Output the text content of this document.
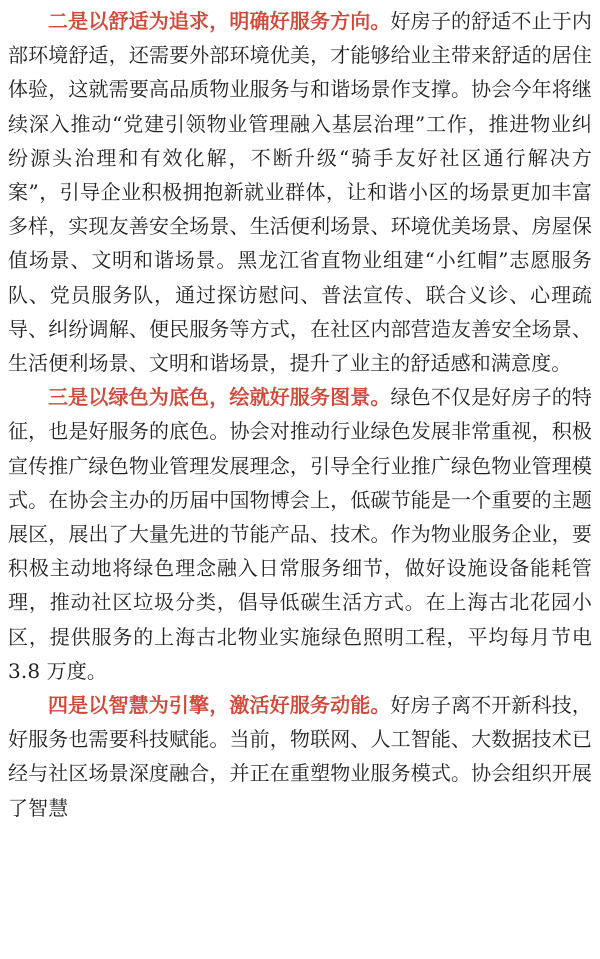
二是以舒适为追求，明确好服务方向。好房子的舒适不止于内部环境舒适，还需要外部环境优美，才能够给业主带来舒适的居住体验，这就需要高品质物业服务与和谐场景作支撑。协会今年将继续深入推动“党建引领物业管理融入基层治理”工作，推进物业纠纷源头治理和有效化解，不断升级“骑手友好社区通行解决方案”，引导企业积极拥抱新就业群体，让和谐小区的场景更加丰富多样，实现友善安全场景、生活便利场景、环境优美场景、房屋保值场景、文明和谐场景。黑龙江省直物业组建“小红帽”志愿服务队、党员服务队，通过探访慰问、普法宣传、联合义诊、心理疏导、纠纷调解、便民服务等方式，在社区内部营造友善安全场景、生活便利场景、文明和谐场景，提升了业主的舒适感和满意度。

三是以绿色为底色，绘就好服务图景。绿色不仅是好房子的特征，也是好服务的底色。协会对推动行业绿色发展非常重视，积极宣传推广绿色物业管理发展理念，引导全行业推广绿色物业管理模式。在协会主办的历届中国物博会上，低碳节能是一个重要的主题展区，展出了大量先进的节能产品、技术。作为物业服务企业，要积极主动地将绿色理念融入日常服务细节，做好设施设备能耗管理，推动社区垃圾分类，倡导低碳生活方式。在上海古北花园小区，提供服务的上海古北物业实施绿色照明工程，平均每月节电 3.8 万度。

四是以智慧为引擎，激活好服务动能。好房子离不开新科技，好服务也需要科技赋能。当前，物联网、人工智能、大数据技术已经与社区场景深度融合，并正在重塑物业服务模式。协会组织开展了智慧
